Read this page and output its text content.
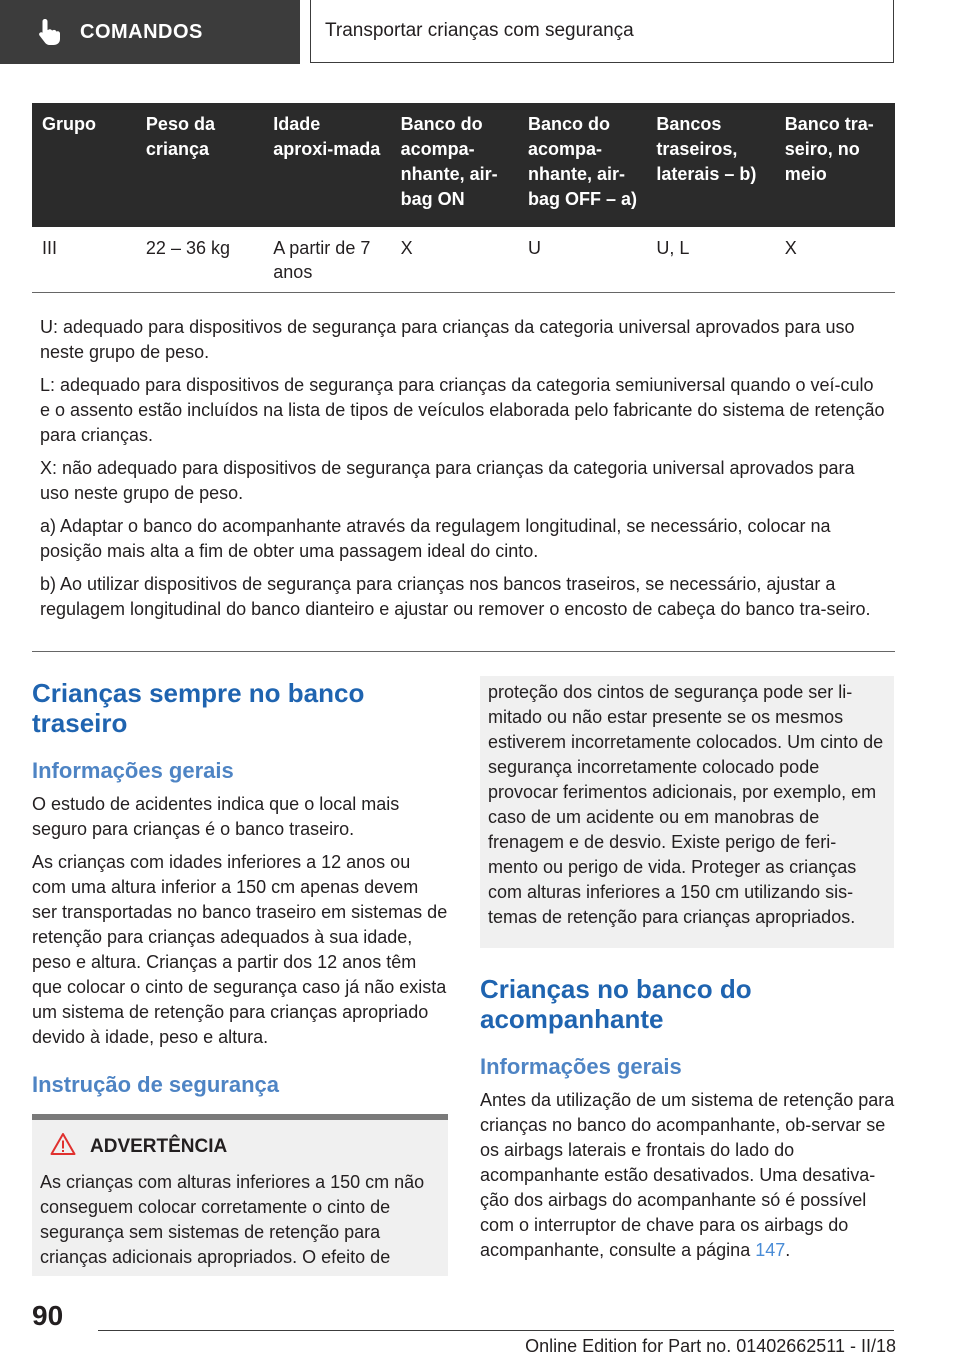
COMANDOS	Transportar crianças com segurança
Grupo	Peso da criança	Idade aproxi-mada	Banco do acompa-nhante, air-bag ON	Banco do acompa-nhante, air-bag OFF – a)	Bancos traseiros, laterais – b)	Banco tra-seiro, no meio
III	22 – 36 kg	A partir de 7 anos	X	U	U, L	X

U: adequado para dispositivos de segurança para crianças da categoria universal aprovados para uso neste grupo de peso.

L: adequado para dispositivos de segurança para crianças da categoria semiuniversal quando o veí-culo e o assento estão incluídos na lista de tipos de veículos elaborada pelo fabricante do sistema de retenção para crianças.

X: não adequado para dispositivos de segurança para crianças da categoria universal aprovados para uso neste grupo de peso.

a) Adaptar o banco do acompanhante através da regulagem longitudinal, se necessário, colocar na posição mais alta a fim de obter uma passagem ideal do cinto.

b) Ao utilizar dispositivos de segurança para crianças nos bancos traseiros, se necessário, ajustar a regulagem longitudinal do banco dianteiro e ajustar ou remover o encosto de cabeça do banco tra-seiro.

Crianças sempre no banco traseiro
Informações gerais

O estudo de acidentes indica que o local mais seguro para crianças é o banco traseiro.

As crianças com idades inferiores a 12 anos ou com uma altura inferior a 150 cm apenas devem ser transportadas no banco traseiro em sistemas de retenção para crianças adequados à sua idade, peso e altura. Crianças a partir dos 12 anos têm que colocar o cinto de segurança caso já não exista um sistema de retenção para crianças apropriado devido à idade, peso e altura.

Instrução de segurança
ADVERTÊNCIA
As crianças com alturas inferiores a 150 cm não conseguem colocar corretamente o cinto de segurança sem sistemas de retenção para crianças adicionais apropriados. O efeito de
proteção dos cintos de segurança pode ser li-mitado ou não estar presente se os mesmos estiverem incorretamente colocados. Um cinto de segurança incorretamente colocado pode provocar ferimentos adicionais, por exemplo, em caso de um acidente ou em manobras de frenagem e de desvio. Existe perigo de feri-mento ou perigo de vida. Proteger as crianças com alturas inferiores a 150 cm utilizando sis-temas de retenção para crianças apropriados.
Crianças no banco do acompanhante
Informações gerais

Antes da utilização de um sistema de retenção para crianças no banco do acompanhante, ob-servar se os airbags laterais e frontais do lado do acompanhante estão desativados. Uma desativa-ção dos airbags do acompanhante só é possível com o interruptor de chave para os airbags do acompanhante, consulte a página 147.

90
Online Edition for Part no. 01402662511 - II/18
